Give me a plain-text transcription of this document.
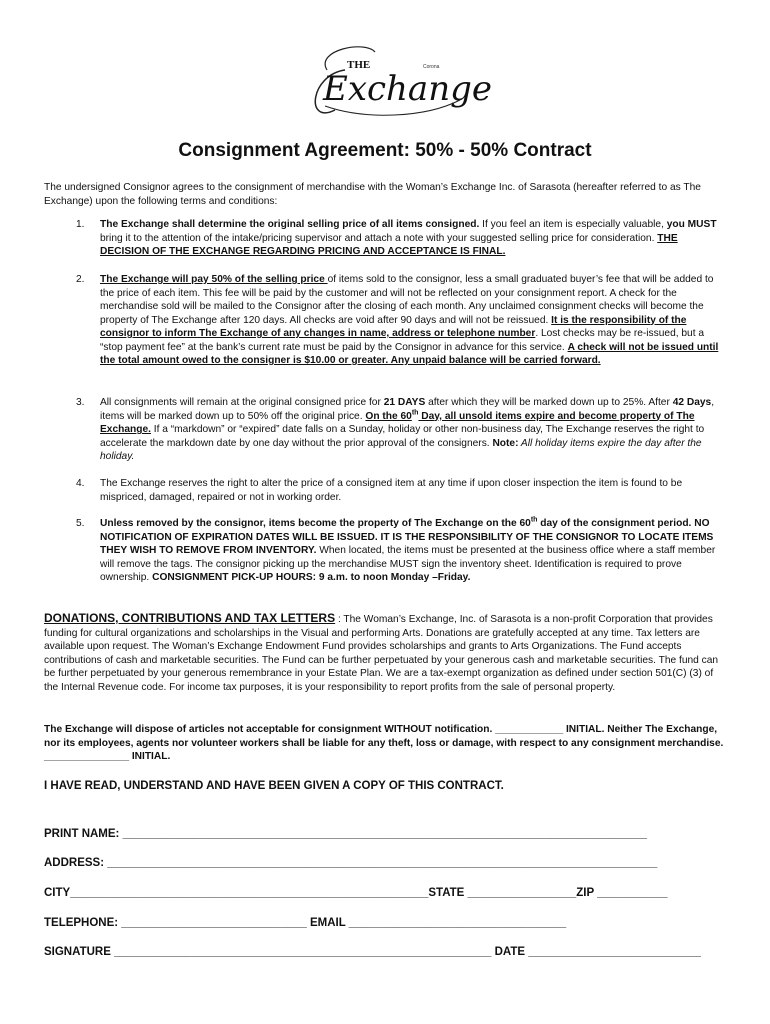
THE	Corona
Exchange
Consignment Agreement: 50% - 50% Contract
The undersigned Consignor agrees to the consignment of merchandise with the Woman’s Exchange Inc. of Sarasota (hereafter referred to as The Exchange) upon the following terms and conditions:
1. The Exchange shall determine the original selling price of all items consigned. If you feel an item is especially valuable, you MUST bring it to the attention of the intake/pricing supervisor and attach a note with your suggested selling price for consideration. THE DECISION OF THE EXCHANGE REGARDING PRICING AND ACCEPTANCE IS FINAL.
2. The Exchange will pay 50% of the selling price of items sold to the consignor, less a small graduated buyer’s fee that will be added to the price of each item. This fee will be paid by the customer and will not be reflected on your consignment report. A check for the merchandise sold will be mailed to the Consignor after the closing of each month. Any unclaimed consignment checks will become the property of The Exchange after 120 days. All checks are void after 90 days and will not be reissued. It is the responsibility of the consignor to inform The Exchange of any changes in name, address or telephone number. Lost checks may be re-issued, but a “stop payment fee” at the bank’s current rate must be paid by the Consignor in advance for this service. A check will not be issued until the total amount owed to the consigner is $10.00 or greater. Any unpaid balance will be carried forward.
3. All consignments will remain at the original consigned price for 21 DAYS after which they will be marked down up to 25%. After 42 Days, items will be marked down up to 50% off the original price. On the 60th Day, all unsold items expire and become property of The Exchange. If a “markdown” or “expired” date falls on a Sunday, holiday or other non-business day, The Exchange reserves the right to accelerate the markdown date by one day without the prior approval of the consigners. Note: All holiday items expire the day after the holiday.
4. The Exchange reserves the right to alter the price of a consigned item at any time if upon closer inspection the item is found to be mispriced, damaged, repaired or not in working order.
5. Unless removed by the consignor, items become the property of The Exchange on the 60th day of the consignment period. NO NOTIFICATION OF EXPIRATION DATES WILL BE ISSUED. IT IS THE RESPONSIBILITY OF THE CONSIGNOR TO LOCATE ITEMS THEY WISH TO REMOVE FROM INVENTORY. When located, the items must be presented at the business office where a staff member will remove the tags. The consignor picking up the merchandise MUST sign the inventory sheet. Identification is required to prove ownership. CONSIGNMENT PICK-UP HOURS: 9 a.m. to noon Monday –Friday.
DONATIONS, CONTRIBUTIONS AND TAX LETTERS : The Woman’s Exchange, Inc. of Sarasota is a non-profit Corporation that provides funding for cultural organizations and scholarships in the Visual and performing Arts. Donations are gratefully accepted at any time. Tax letters are available upon request. The Woman’s Exchange Endowment Fund provides scholarships and grants to Arts Organizations. The Fund accepts contributions of cash and marketable securities. The Fund can be further perpetuated by your generous cash and marketable securities. The fund can be further perpetuated by your generous remembrance in your Estate Plan. We are a tax-exempt organization as defined under section 501(C) (3) of the Internal Revenue code. For income tax purposes, it is your responsibility to report profits from the sale of personal property.
The Exchange will dispose of articles not acceptable for consignment WITHOUT notification. ____________ INITIAL. Neither The Exchange, nor its employees, agents nor volunteer workers shall be liable for any theft, loss or damage, with respect to any consignment merchandise. _______________ INITIAL.
I HAVE READ, UNDERSTAND AND HAVE BEEN GIVEN A COPY OF THIS CONTRACT.
PRINT NAME: __________________________________________________________________________________
ADDRESS: ______________________________________________________________________________________
CITY________________________________________________________STATE _________________ZIP ___________
TELEPHONE: _____________________________ EMAIL __________________________________
SIGNATURE ___________________________________________________________ DATE ___________________________
